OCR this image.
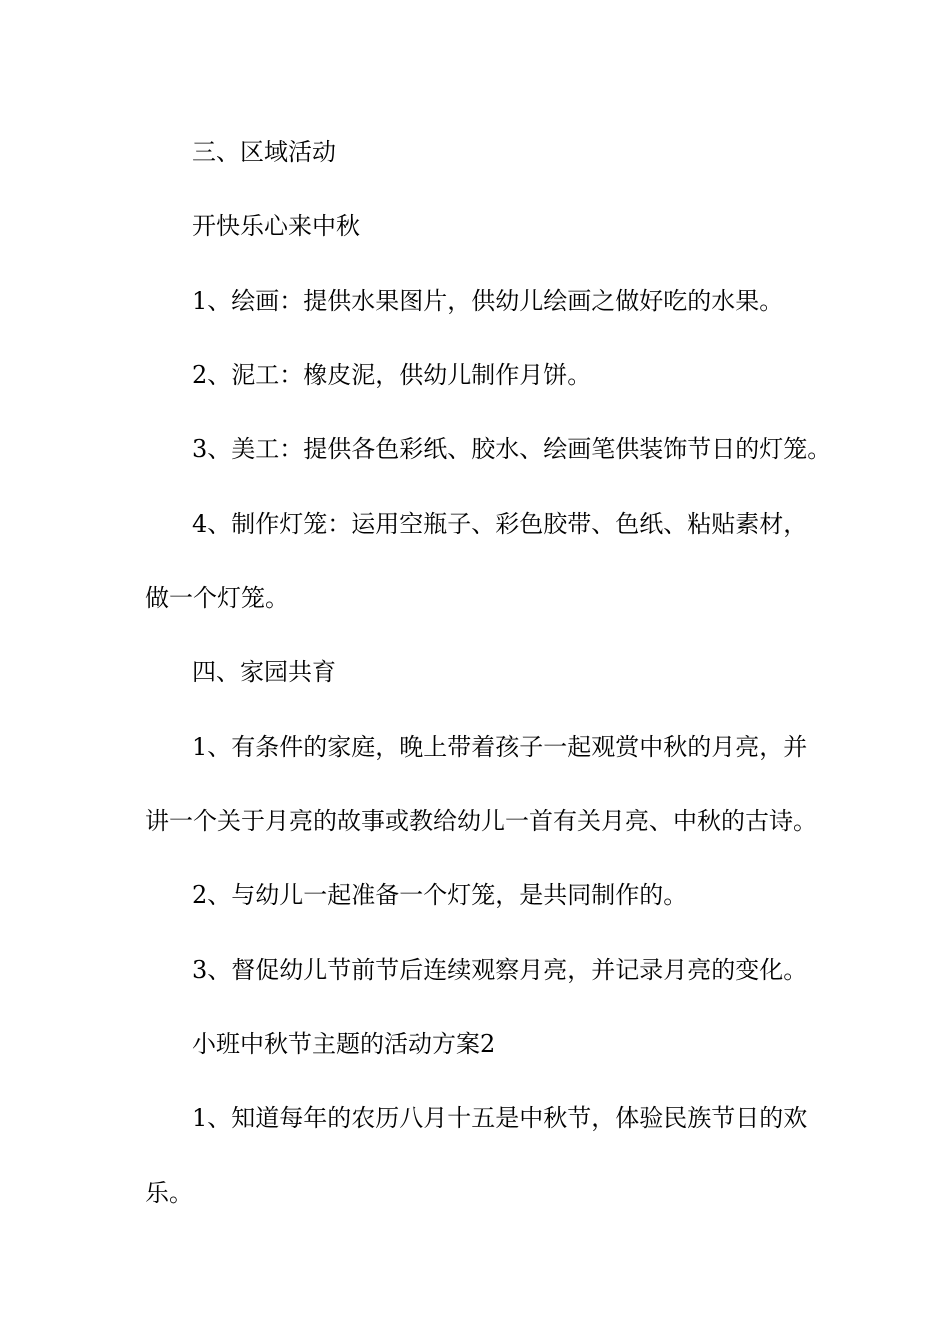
三、区域活动

开快乐心来中秋

1、绘画：提供水果图片，供幼儿绘画之做好吃的水果。

2、泥工：橡皮泥，供幼儿制作月饼。

3、美工：提供各色彩纸、胶水、绘画笔供装饰节日的灯笼。

4、制作灯笼：运用空瓶子、彩色胶带、色纸、粘贴素材，

做一个灯笼。

四、家园共育

1、有条件的家庭，晚上带着孩子一起观赏中秋的月亮，并

讲一个关于月亮的故事或教给幼儿一首有关月亮、中秋的古诗。

2、与幼儿一起准备一个灯笼，是共同制作的。

3、督促幼儿节前节后连续观察月亮，并记录月亮的变化。

小班中秋节主题的活动方案2

1、知道每年的农历八月十五是中秋节，体验民族节日的欢

乐。
